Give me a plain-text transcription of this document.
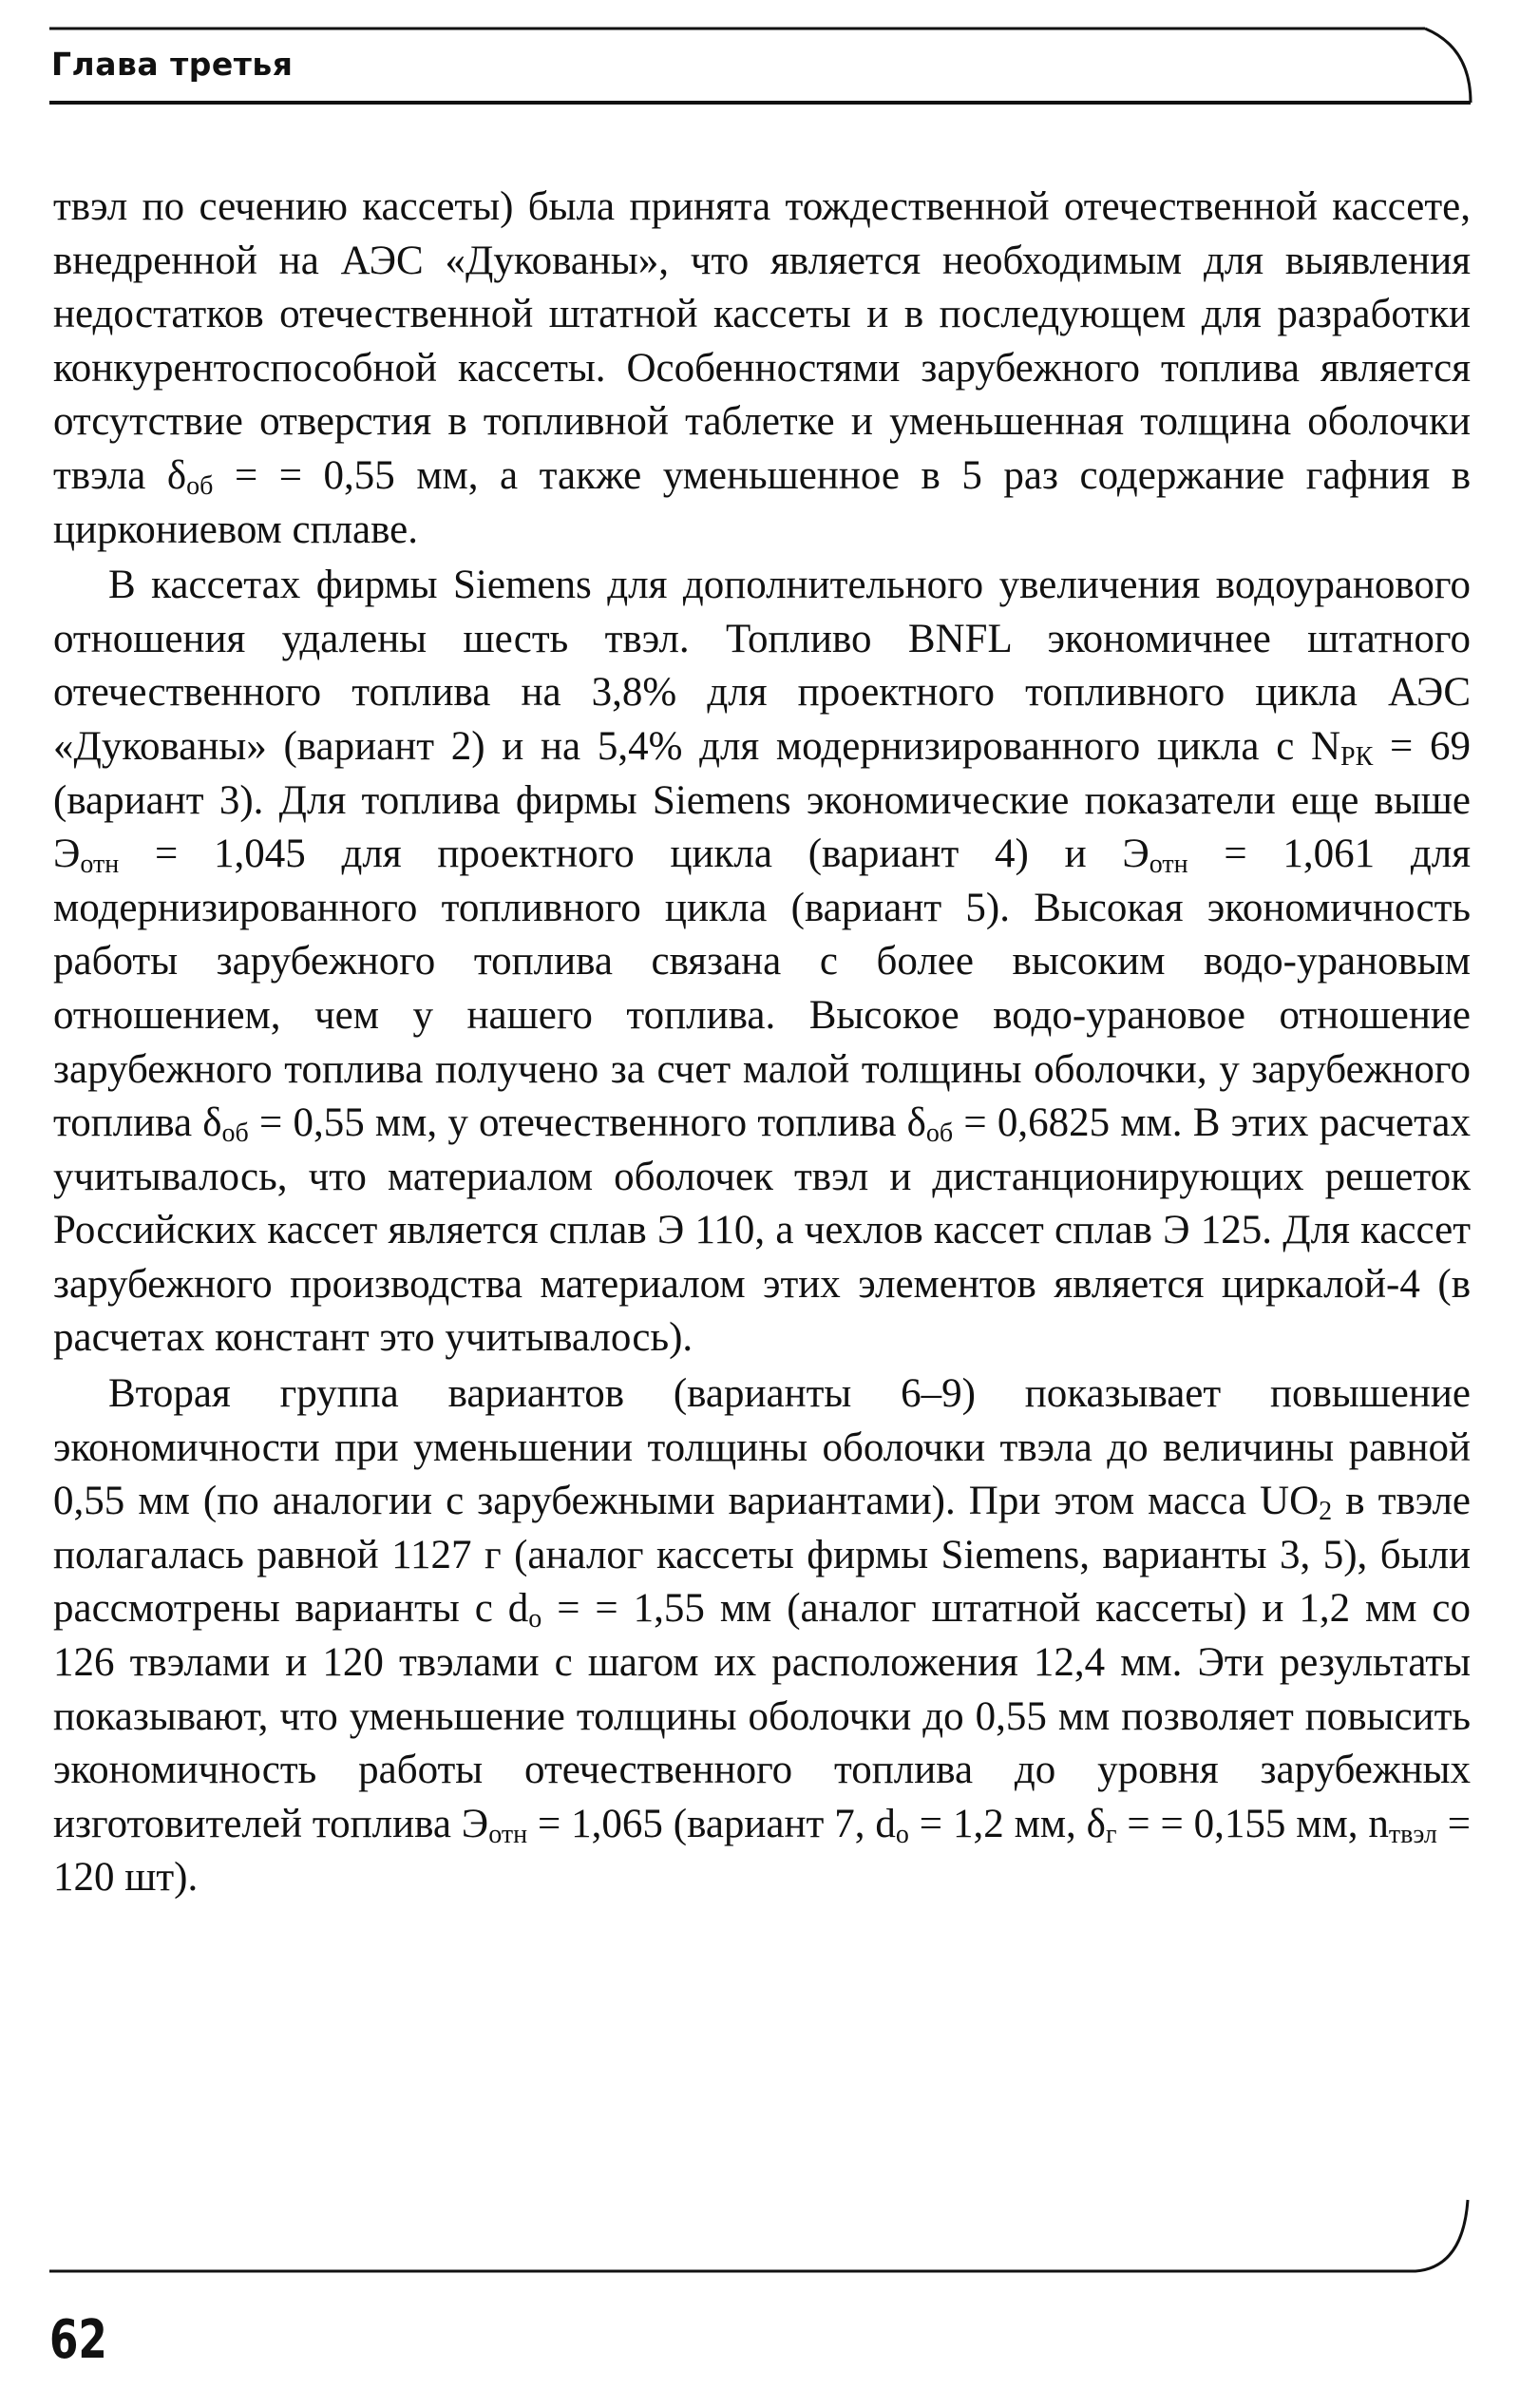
Глава третья

твэл по сечению кассеты) была принята тождественной отечественной кассете, внедренной на АЭС «Дукованы», что является необходимым для выявления недостатков отечественной штатной кассеты и в последующем для разработки конкурентоспособной кассеты. Особенностями зарубежного топлива является отсутствие отверстия в топливной таблетке и уменьшенная толщина оболочки твэла $\delta_{об}$ = = 0,55 мм, а также уменьшенное в 5 раз содержание гафния в циркониевом сплаве.

В кассетах фирмы Siemens для дополнительного увеличения водоуранового отношения удалены шесть твэл. Топливо BNFL экономичнее штатного отечественного топлива на 3,8% для проектного топливного цикла АЭС «Дукованы» (вариант 2) и на 5,4% для модернизированного цикла с $N_{РК} = 69$ (вариант 3). Для топлива фирмы Siemens экономические показатели еще выше $Э_{отн} = 1,045$ для проектного цикла (вариант 4) и $Э_{отн} = 1,061$ для модернизированного топливного цикла (вариант 5). Высокая экономичность работы зарубежного топлива связана с более высоким водо-урановым отношением, чем у нашего топлива. Высокое водо-урановое отношение зарубежного топлива получено за счет малой толщины оболочки, у зарубежного топлива $\delta_{об} = 0,55$ мм, у отечественного топлива $\delta_{об} = 0,6825$ мм. В этих расчетах учитывалось, что материалом оболочек твэл и дистанционирующих решеток Российских кассет является сплав Э 110, а чехлов кассет сплав Э 125. Для кассет зарубежного производства материалом этих элементов является циркалой-4 (в расчетах констант это учитывалось).

Вторая группа вариантов (варианты 6–9) показывает повышение экономичности при уменьшении толщины оболочки твэла до величины равной 0,55 мм (по аналогии с зарубежными вариантами). При этом масса $UO_2$ в твэле полагалась равной 1127 г (аналог кассеты фирмы Siemens, варианты 3, 5), были рассмотрены варианты с $d_о$ = = 1,55 мм (аналог штатной кассеты) и 1,2 мм со 126 твэлами и 120 твэлами с шагом их расположения 12,4 мм. Эти результаты показывают, что уменьшение толщины оболочки до 0,55 мм позволяет повысить экономичность работы отечественного топлива до уровня зарубежных изготовителей топлива $Э_{отн} = 1,065$ (вариант 7, $d_о = 1,2$ мм, $\delta_г$ = = 0,155 мм, $n_{твэл} = 120$ шт).

62
